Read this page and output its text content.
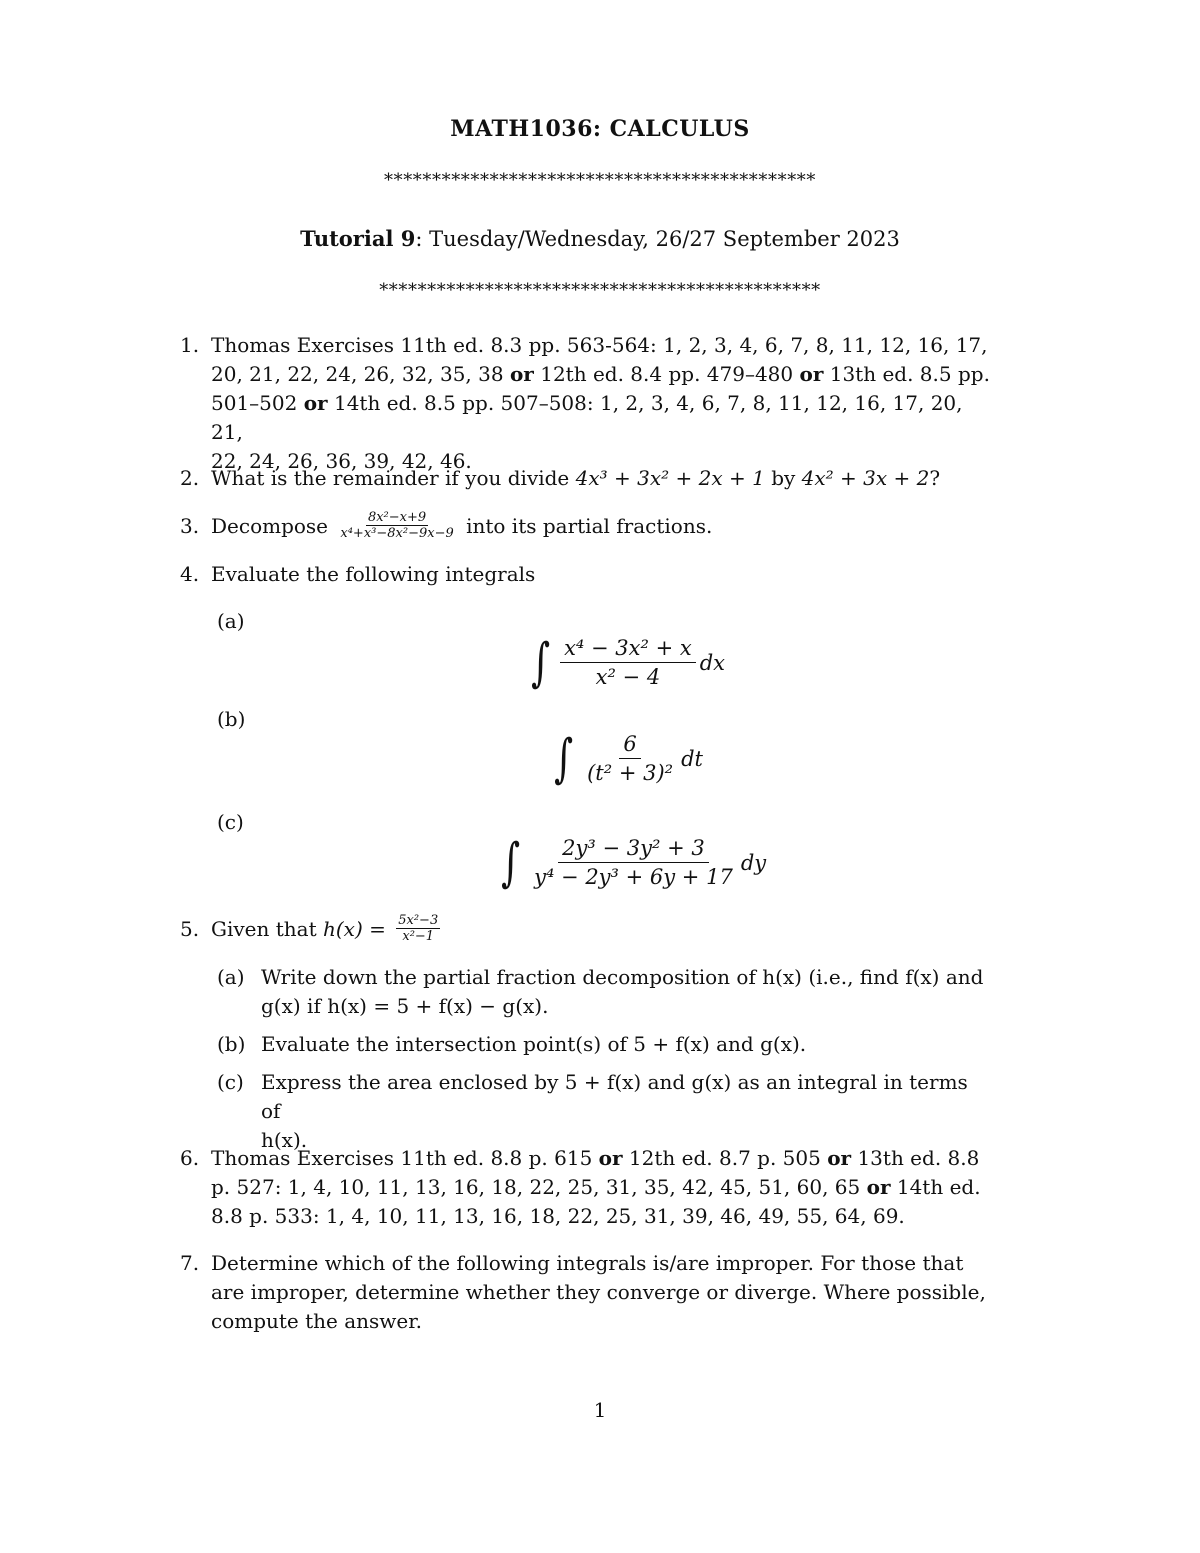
MATH1036: CALCULUS
*********************************************
Tutorial 9: Tuesday/Wednesday, 26/27 September 2023
**********************************************
1. Thomas Exercises 11th ed. 8.3 pp. 563-564: 1, 2, 3, 4, 6, 7, 8, 11, 12, 16, 17,
20, 21, 22, 24, 26, 32, 35, 38 or 12th ed. 8.4 pp. 479–480 or 13th ed. 8.5 pp.
501–502 or 14th ed. 8.5 pp. 507–508: 1, 2, 3, 4, 6, 7, 8, 11, 12, 16, 17, 20, 21,
22, 24, 26, 36, 39, 42, 46.
2. What is the remainder if you divide 4x³ + 3x² + 2x + 1 by 4x² + 3x + 2?
3. Decompose $\frac{\text{8x²−x+9}}{\text{x⁴+x³−8x²−9x−9}}$ into its partial fractions.
4. Evaluate the following integrals
(a)
∫ $\frac{\text{x⁴ − 3x² + x}}{\text{x² − 4}}$ dx
(b)
∫ $\frac{6}{\text{(t² + 3)²}}$ dt
(c)
∫ $\frac{\text{2y³ − 3y² + 3}}{\text{y⁴ − 2y³ + 6y + 17}}$ dy
5. Given that $h(x) = \frac{\text{5x²−3}}{\text{x²−1}}$
(a) Write down the partial fraction decomposition of h(x) (i.e., find f(x) and
g(x) if h(x) = 5 + f(x) − g(x).
(b) Evaluate the intersection point(s) of 5 + f(x) and g(x).
(c) Express the area enclosed by 5 + f(x) and g(x) as an integral in terms of
h(x).
6. Thomas Exercises 11th ed. 8.8 p. 615 or 12th ed. 8.7 p. 505 or 13th ed. 8.8
p. 527: 1, 4, 10, 11, 13, 16, 18, 22, 25, 31, 35, 42, 45, 51, 60, 65 or 14th ed.
8.8 p. 533: 1, 4, 10, 11, 13, 16, 18, 22, 25, 31, 39, 46, 49, 55, 64, 69.
7. Determine which of the following integrals is/are improper. For those that
are improper, determine whether they converge or diverge. Where possible,
compute the answer.
1
